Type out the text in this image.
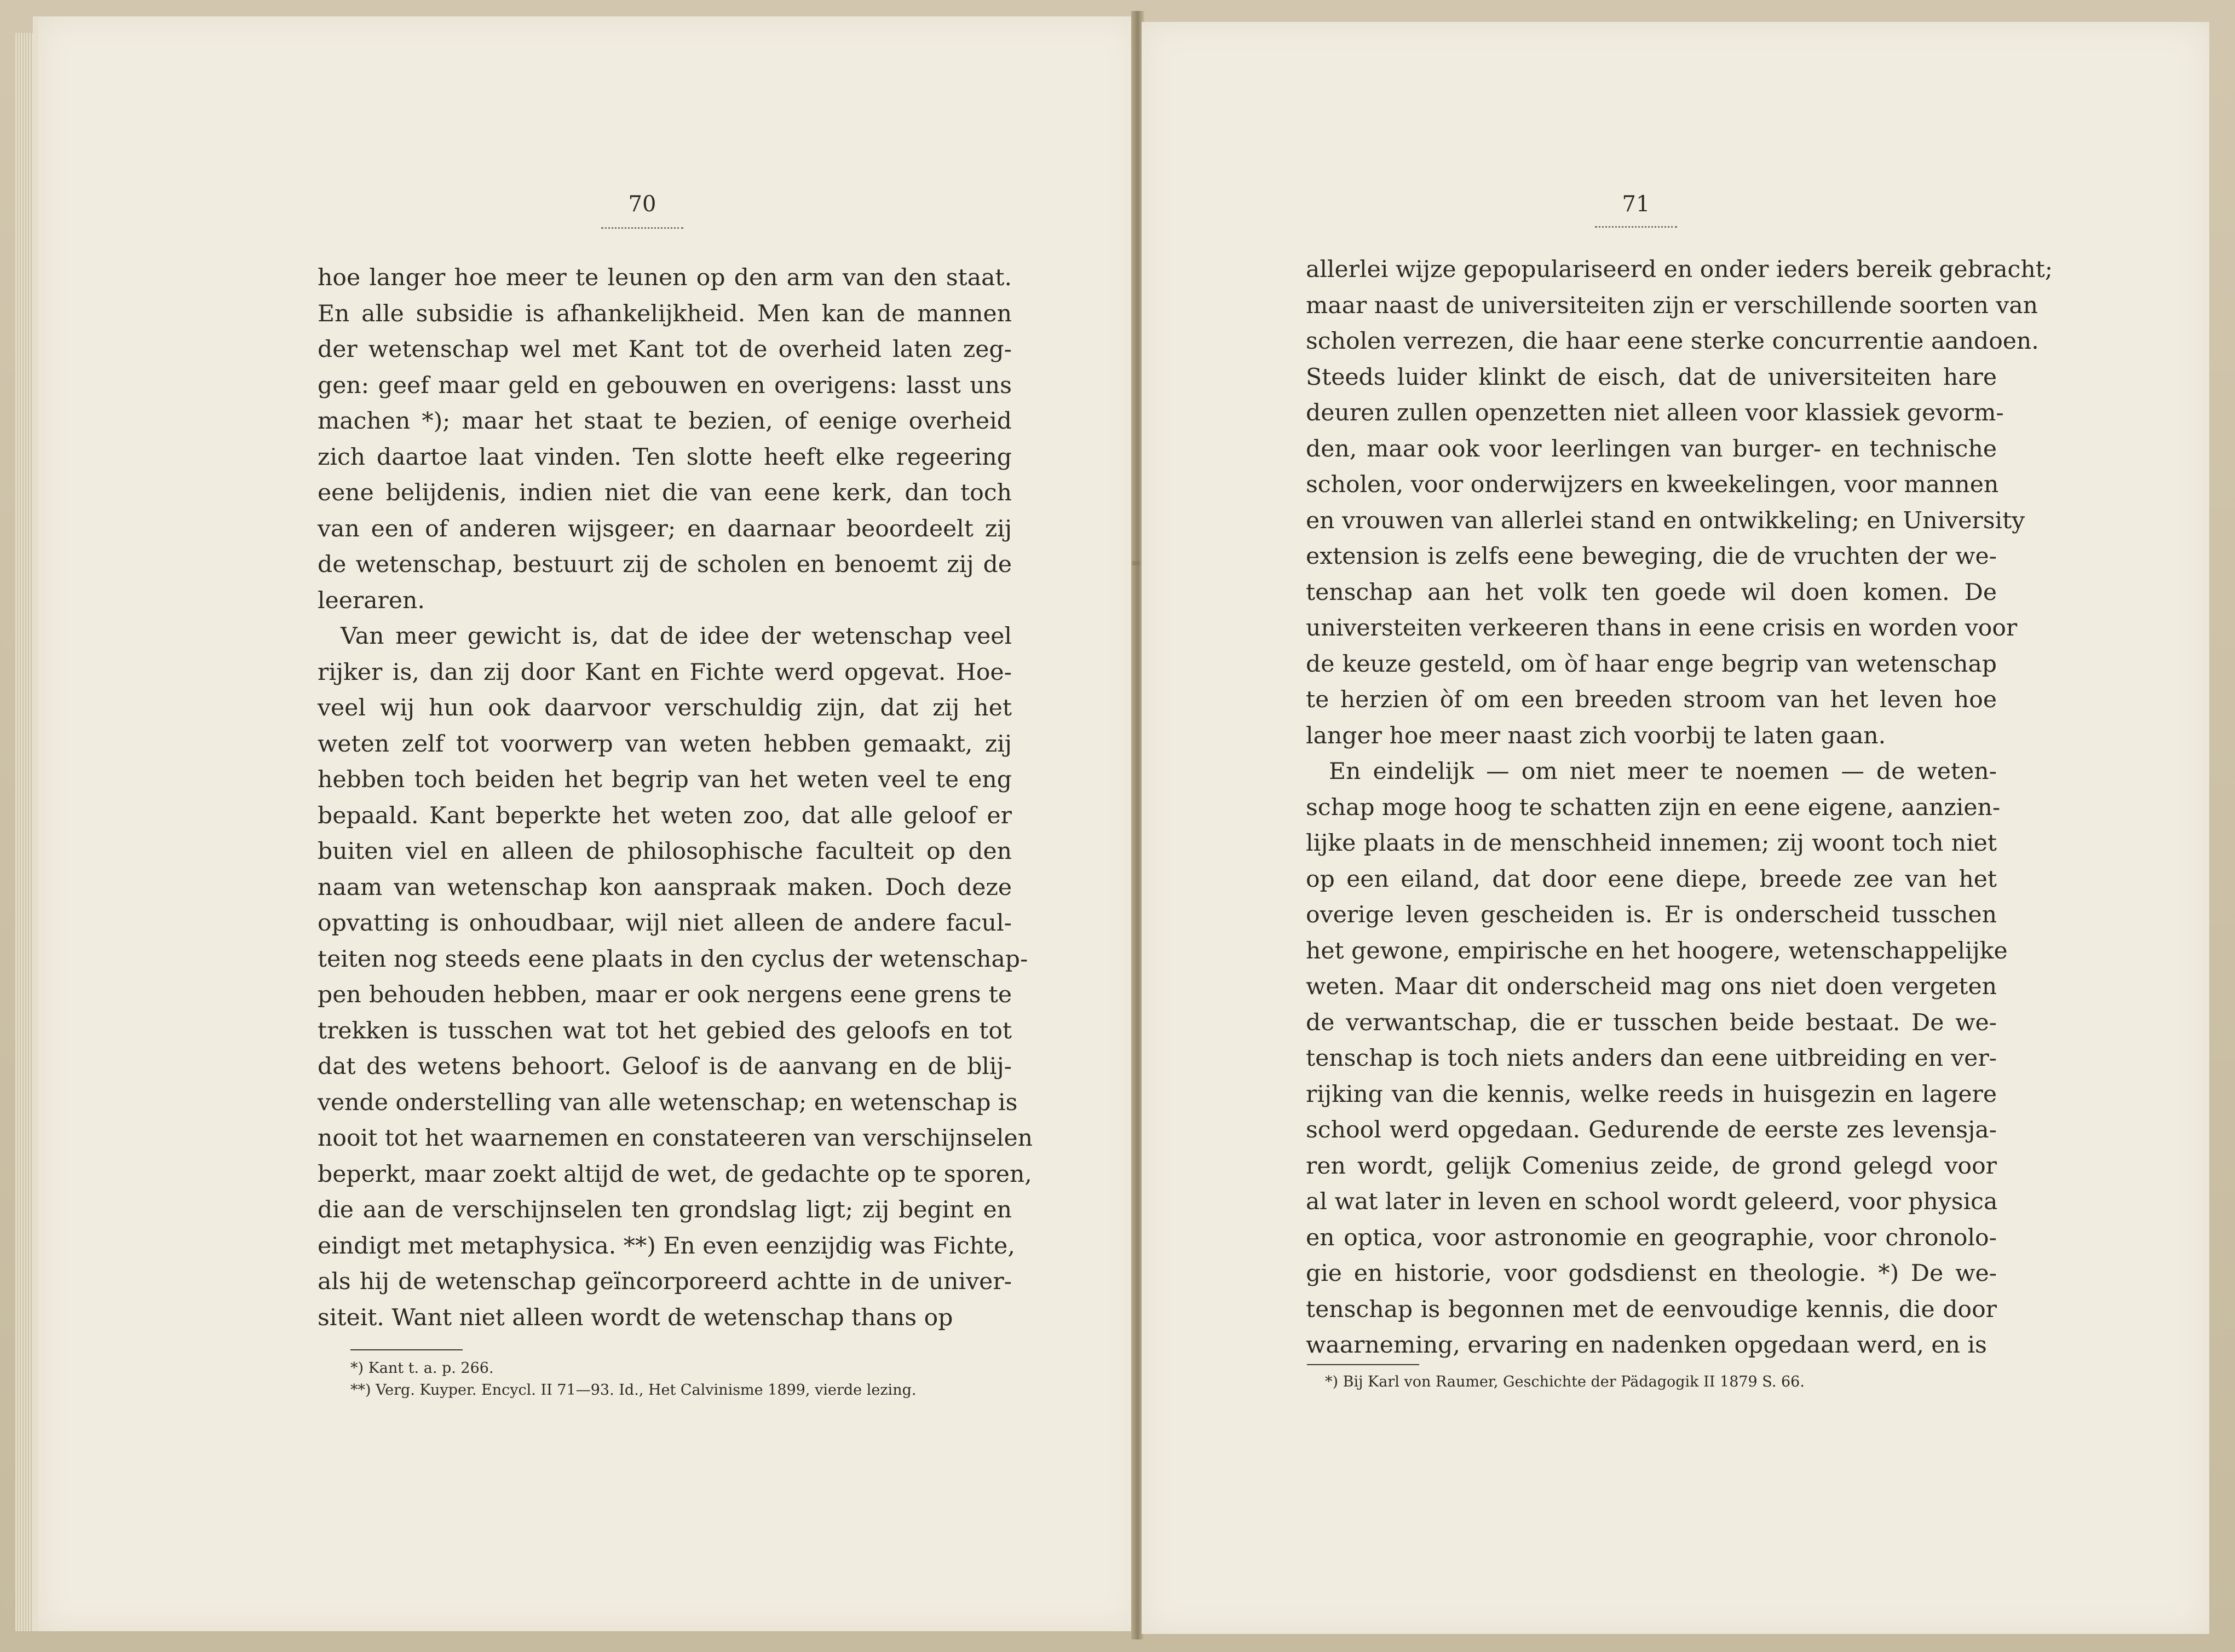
70
hoe langer hoe meer te leunen op den arm van den staat.
En alle subsidie is afhankelijkheid. Men kan de mannen
der wetenschap wel met Kant tot de overheid laten zeg-
gen: geef maar geld en gebouwen en overigens: lasst uns
machen *); maar het staat te bezien, of eenige overheid
zich daartoe laat vinden. Ten slotte heeft elke regeering
eene belijdenis, indien niet die van eene kerk, dan toch
van een of anderen wijsgeer; en daarnaar beoordeelt zij
de wetenschap, bestuurt zij de scholen en benoemt zij de
leeraren.
Van meer gewicht is, dat de idee der wetenschap veel
rijker is, dan zij door Kant en Fichte werd opgevat. Hoe-
veel wij hun ook daarvoor verschuldig zijn, dat zij het
weten zelf tot voorwerp van weten hebben gemaakt, zij
hebben toch beiden het begrip van het weten veel te eng
bepaald. Kant beperkte het weten zoo, dat alle geloof er
buiten viel en alleen de philosophische faculteit op den
naam van wetenschap kon aanspraak maken. Doch deze
opvatting is onhoudbaar, wijl niet alleen de andere facul-
teiten nog steeds eene plaats in den cyclus der wetenschap-
pen behouden hebben, maar er ook nergens eene grens te
trekken is tusschen wat tot het gebied des geloofs en tot
dat des wetens behoort. Geloof is de aanvang en de blij-
vende onderstelling van alle wetenschap; en wetenschap is
nooit tot het waarnemen en constateeren van verschijnselen
beperkt, maar zoekt altijd de wet, de gedachte op te sporen,
die aan de verschijnselen ten grondslag ligt; zij begint en
eindigt met metaphysica. **) En even eenzijdig was Fichte,
als hij de wetenschap geïncorporeerd achtte in de univer-
siteit. Want niet alleen wordt de wetenschap thans op
*) Kant t. a. p. 266.
**) Verg. Kuyper. Encycl. II 71—93. Id., Het Calvinisme 1899, vierde lezing.
71
allerlei wijze gepopulariseerd en onder ieders bereik gebracht;
maar naast de universiteiten zijn er verschillende soorten van
scholen verrezen, die haar eene sterke concurrentie aandoen.
Steeds luider klinkt de eisch, dat de universiteiten hare
deuren zullen openzetten niet alleen voor klassiek gevorm-
den, maar ook voor leerlingen van burger- en technische
scholen, voor onderwijzers en kweekelingen, voor mannen
en vrouwen van allerlei stand en ontwikkeling; en University
extension is zelfs eene beweging, die de vruchten der we-
tenschap aan het volk ten goede wil doen komen. De
universteiten verkeeren thans in eene crisis en worden voor
de keuze gesteld, om òf haar enge begrip van wetenschap
te herzien òf om een breeden stroom van het leven hoe
langer hoe meer naast zich voorbij te laten gaan.
En eindelijk — om niet meer te noemen — de weten-
schap moge hoog te schatten zijn en eene eigene, aanzien-
lijke plaats in de menschheid innemen; zij woont toch niet
op een eiland, dat door eene diepe, breede zee van het
overige leven gescheiden is. Er is onderscheid tusschen
het gewone, empirische en het hoogere, wetenschappelijke
weten. Maar dit onderscheid mag ons niet doen vergeten
de verwantschap, die er tusschen beide bestaat. De we-
tenschap is toch niets anders dan eene uitbreiding en ver-
rijking van die kennis, welke reeds in huisgezin en lagere
school werd opgedaan. Gedurende de eerste zes levensja-
ren wordt, gelijk Comenius zeide, de grond gelegd voor
al wat later in leven en school wordt geleerd, voor physica
en optica, voor astronomie en geographie, voor chronolo-
gie en historie, voor godsdienst en theologie. *) De we-
tenschap is begonnen met de eenvoudige kennis, die door
waarneming, ervaring en nadenken opgedaan werd, en is
*) Bij Karl von Raumer, Geschichte der Pädagogik II 1879 S. 66.
